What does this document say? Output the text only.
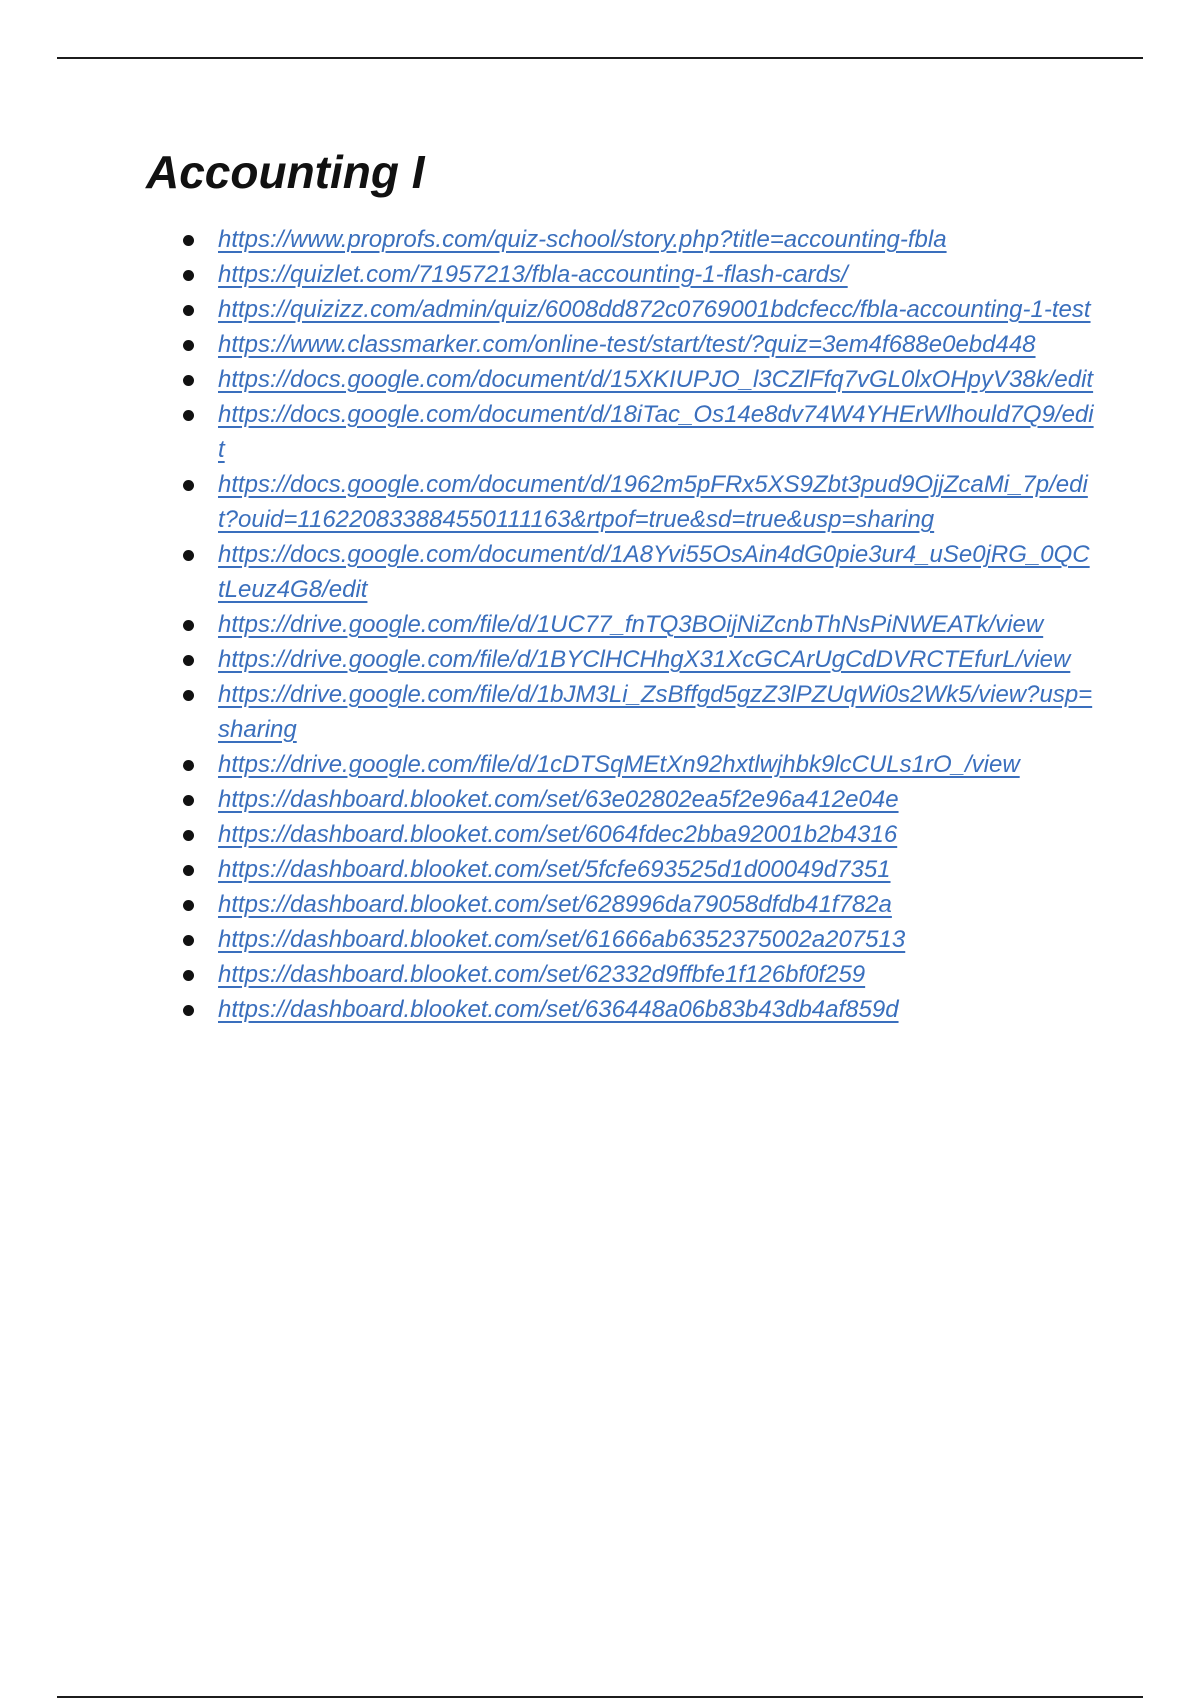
Accounting I
https://www.proprofs.com/quiz-school/story.php?title=accounting-fbla
https://quizlet.com/71957213/fbla-accounting-1-flash-cards/
https://quizizz.com/admin/quiz/6008dd872c0769001bdcfecc/fbla-accounting-1-test
https://www.classmarker.com/online-test/start/test/?quiz=3em4f688e0ebd448
https://docs.google.com/document/d/15XKIUPJO_l3CZlFfq7vGL0lxOHpyV38k/edit
https://docs.google.com/document/d/18iTac_Os14e8dv74W4YHErWlhould7Q9/edit
https://docs.google.com/document/d/1962m5pFRx5XS9Zbt3pud9OjjZcaMi_7p/edit?ouid=116220833884550111163&rtpof=true&sd=true&usp=sharing
https://docs.google.com/document/d/1A8Yvi55OsAin4dG0pie3ur4_uSe0jRG_0QCtLeuz4G8/edit
https://drive.google.com/file/d/1UC77_fnTQ3BOijNiZcnbThNsPiNWEATk/view
https://drive.google.com/file/d/1BYClHCHhgX31XcGCArUgCdDVRCTEfurL/view
https://drive.google.com/file/d/1bJM3Li_ZsBffgd5gzZ3lPZUqWi0s2Wk5/view?usp=sharing
https://drive.google.com/file/d/1cDTSqMEtXn92hxtlwjhbk9lcCULs1rO_/view
https://dashboard.blooket.com/set/63e02802ea5f2e96a412e04e
https://dashboard.blooket.com/set/6064fdec2bba92001b2b4316
https://dashboard.blooket.com/set/5fcfe693525d1d00049d7351
https://dashboard.blooket.com/set/628996da79058dfdb41f782a
https://dashboard.blooket.com/set/61666ab6352375002a207513
https://dashboard.blooket.com/set/62332d9ffbfe1f126bf0f259
https://dashboard.blooket.com/set/636448a06b83b43db4af859d
